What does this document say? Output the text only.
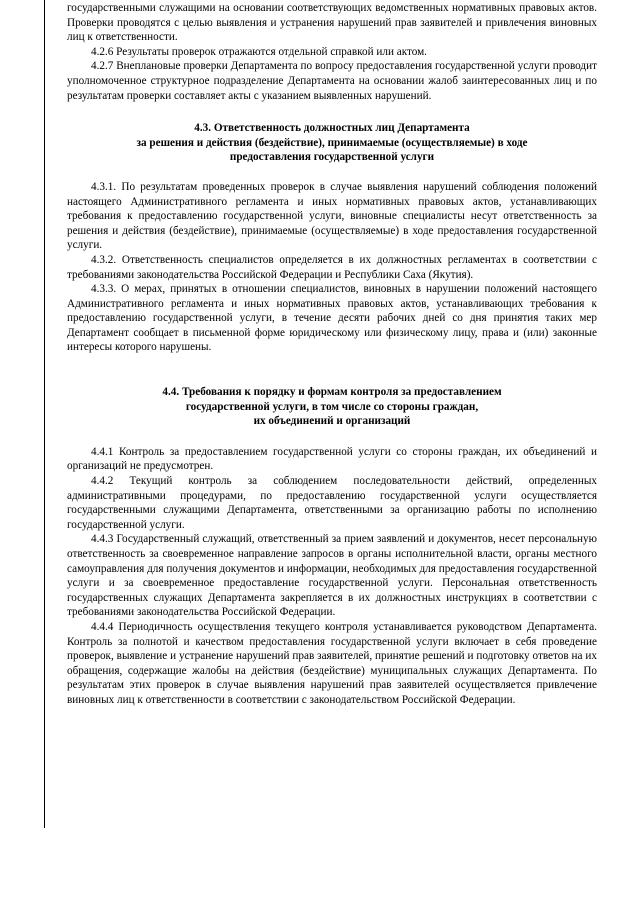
государственными служащими на основании соответствующих ведомственных нормативных правовых актов. Проверки проводятся с целью выявления и устранения нарушений прав заявителей и привлечения виновных лиц к ответственности.

4.2.6 Результаты проверок отражаются отдельной справкой или актом.

4.2.7 Внеплановые проверки Департамента по вопросу предоставления государственной услуги проводит уполномоченное структурное подразделение Департамента на основании жалоб заинтересованных лиц и по результатам проверки составляет акты с указанием выявленных нарушений.

4.3. Ответственность должностных лиц Департамента
за решения и действия (бездействие), принимаемые (осуществляемые) в ходе
предоставления государственной услуги

4.3.1. По результатам проведенных проверок в случае выявления нарушений соблюдения положений настоящего Административного регламента и иных нормативных правовых актов, устанавливающих требования к предоставлению государственной услуги, виновные специалисты несут ответственность за решения и действия (бездействие), принимаемые (осуществляемые) в ходе предоставления государственной услуги.

4.3.2. Ответственность специалистов определяется в их должностных регламентах в соответствии с требованиями законодательства Российской Федерации и Республики Саха (Якутия).

4.3.3. О мерах, принятых в отношении специалистов, виновных в нарушении положений настоящего Административного регламента и иных нормативных правовых актов, устанавливающих требования к предоставлению государственной услуги, в течение десяти рабочих дней со дня принятия таких мер Департамент сообщает в письменной форме юридическому или физическому лицу, права и (или) законные интересы которого нарушены.

4.4. Требования к порядку и формам контроля за предоставлением
государственной услуги, в том числе со стороны граждан,
их объединений и организаций

4.4.1 Контроль за предоставлением государственной услуги со стороны граждан, их объединений и организаций не предусмотрен.

4.4.2 Текущий контроль за соблюдением последовательности действий, определенных административными процедурами, по предоставлению государственной услуги осуществляется государственными служащими Департамента, ответственными за организацию работы по исполнению государственной услуги.

4.4.3 Государственный служащий, ответственный за прием заявлений и документов, несет персональную ответственность за своевременное направление запросов в органы исполнительной власти, органы местного самоуправления для получения документов и информации, необходимых для предоставления государственной услуги и за своевременное предоставление государственной услуги. Персональная ответственность государственных служащих Департамента закрепляется в их должностных инструкциях в соответствии с требованиями законодательства Российской Федерации.

4.4.4 Периодичность осуществления текущего контроля устанавливается руководством Департамента. Контроль за полнотой и качеством предоставления государственной услуги включает в себя проведение проверок, выявление и устранение нарушений прав заявителей, принятие решений и подготовку ответов на их обращения, содержащие жалобы на действия (бездействие) муниципальных служащих Департамента. По результатам этих проверок в случае выявления нарушений прав заявителей осуществляется привлечение виновных лиц к ответственности в соответствии с законодательством Российской Федерации.
